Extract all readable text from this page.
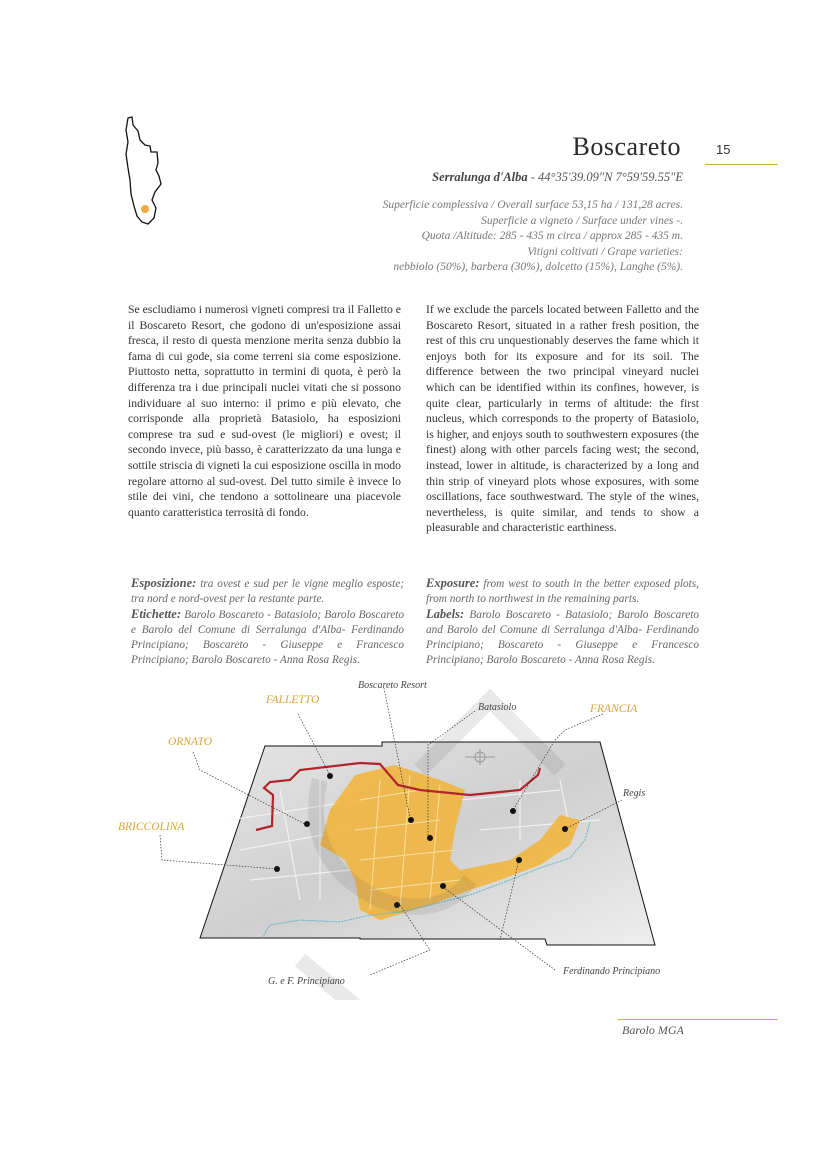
Boscareto	15
Serralunga d'Alba - 44°35'39.09"N 7°59'59.55"E
Superficie complessiva / Overall surface 53,15 ha / 131,28 acres.
Superficie a vigneto / Surface under vines -.
Quota /Altitude: 285 - 435 m circa / approx 285 - 435 m.
Vitigni coltivati / Grape varieties:
nebbiolo (50%), barbera (30%), dolcetto (15%), Langhe (5%).
Se escludiamo i numerosi vigneti compresi tra il Falletto e il Boscareto Resort, che godono di un'esposizione assai fresca, il resto di questa menzione merita senza dubbio la fama di cui gode, sia come terreni sia come esposizione. Piuttosto netta, soprattutto in termini di quota, è però la differenza tra i due principali nuclei vitati che si possono individuare al suo interno: il primo e più elevato, che corrisponde alla proprietà Batasiolo, ha esposizioni comprese tra sud e sud-ovest (le migliori) e ovest; il secondo invece, più basso, è caratterizzato da una lunga e sottile striscia di vigneti la cui esposizione oscilla in modo regolare attorno al sud-ovest. Del tutto simile è invece lo stile dei vini, che tendono a sottolineare una piacevole quanto caratteristica terrosità di fondo.
If we exclude the parcels located between Falletto and the Boscareto Resort, situated in a rather fresh position, the rest of this cru unquestionably deserves the fame which it enjoys both for its exposure and for its soil. The difference between the two principal vineyard nuclei which can be identified within its confines, however, is quite clear, particularly in terms of altitude: the first nucleus, which corresponds to the property of Batasiolo, is higher, and enjoys south to southwestern exposures (the finest) along with other parcels facing west; the second, instead, lower in altitude, is characterized by a long and thin strip of vineyard plots whose exposures, with some oscillations, face southwestward. The style of the wines, nevertheless, is quite similar, and tends to show a pleasurable and characteristic earthiness.
Esposizione: tra ovest e sud per le vigne meglio esposte; tra nord e nord-ovest per la restante parte.
Etichette: Barolo Boscareto - Batasiolo; Barolo Boscareto e Barolo del Comune di Serralunga d'Alba- Ferdinando Principiano; Boscareto - Giuseppe e Francesco Principiano; Barolo Boscareto - Anna Rosa Regis.
Exposure: from west to south in the better exposed plots, from north to northwest in the remaining parts.
Labels: Barolo Boscareto - Batasiolo; Barolo Boscareto and Barolo del Comune di Serralunga d'Alba- Ferdinando Principiano; Boscareto - Giuseppe e Francesco Principiano; Barolo Boscareto - Anna Rosa Regis.
FALLETTO
ORNATO
BRICCOLINA
FRANCIA
Boscareto Resort
Batasiolo
Regis
G. e F. Principiano
Ferdinando Principiano
Barolo MGA
